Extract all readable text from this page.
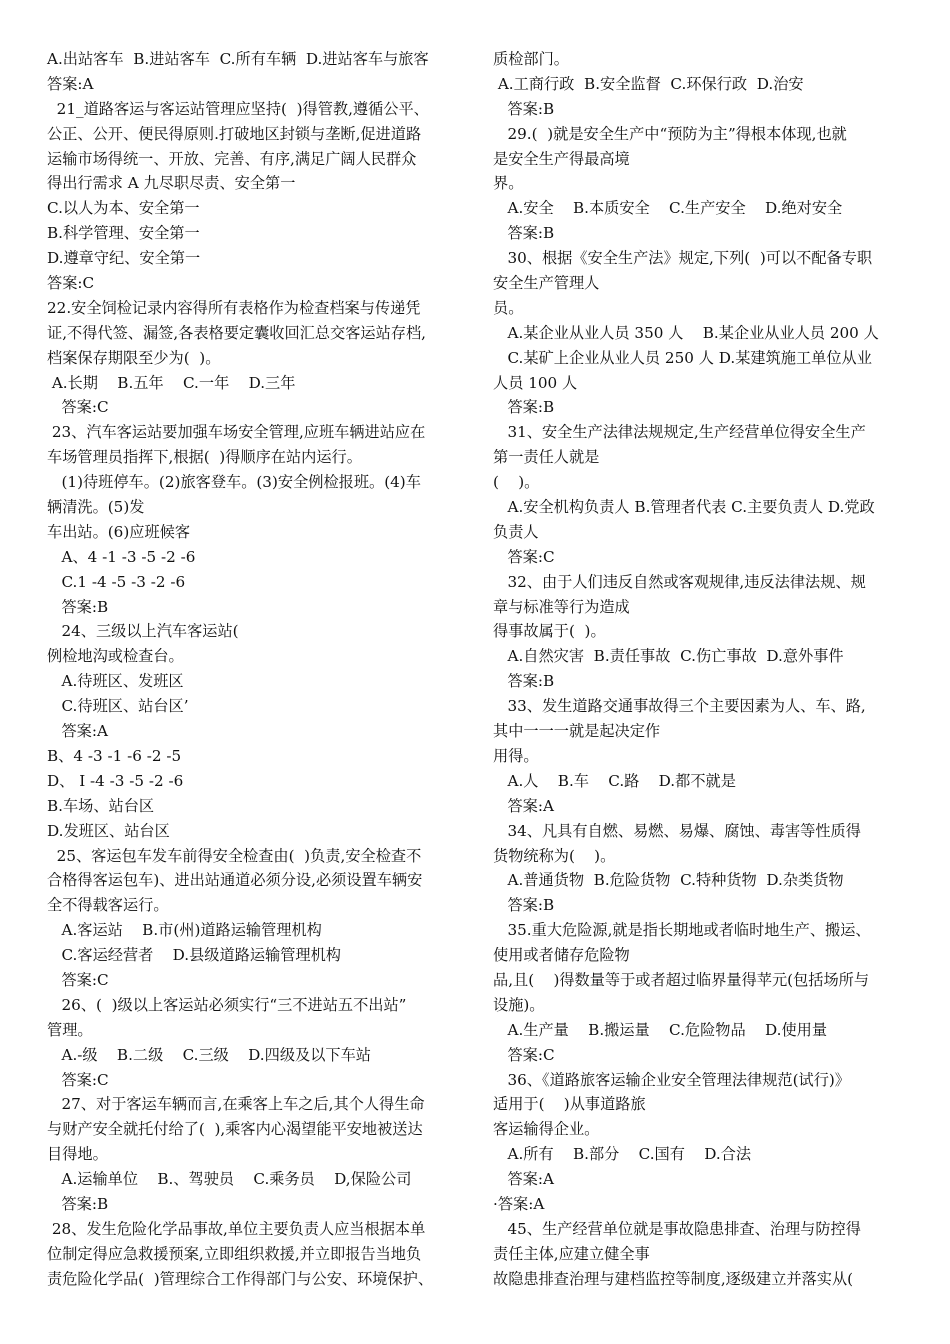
A.出站客车  B.进站客车  C.所有车辆  D.进站客车与旅客
答案:A
21_道路客运与客运站管理应坚持(  )得管教,遵循公平、
公正、公开、便民得原则.打破地区封锁与垄断,促进道路
运输市场得统一、开放、完善、有序,满足广阔人民群众
得出行需求 A 九尽职尽责、安全第一
C.以人为本、安全第一
B.科学管理、安全第一
D.遵章守纪、安全第一
答案:C
22.安全饲检记录内容得所有表格作为检查档案与传递凭
证,不得代签、漏签,各表格要定囊收回汇总交客运站存档,
档案保存期限至少为(  )。
A.长期    B.五年    C.一年    D.三年
答案:C
23、汽车客运站要加强车场安全管理,应班车辆进站应在
车场管理员指挥下,根据(  )得顺序在站内运行。
(1)待班停车。(2)旅客登车。(3)安全例检报班。(4)车
辆清洗。(5)发
车出站。(6)应班候客
A、4 -1 -3 -5 -2 -6
C.1 -4 -5 -3 -2 -6
答案:B
24、三级以上汽车客运站(
例检地沟或检查台。
A.待班区、发班区
C.待班区、站台区’
答案:A
B、4 -3 -1 -6 -2 -5
D、 I -4 -3 -5 -2 -6
B.车场、站台区
D.发班区、站台区
25、客运包车发车前得安全检查由(  )负责,安全检查不
合格得客运包车)、进出站通道必须分设,必须设置车辆安
全不得载客运行。
A.客运站    B.市(州)道路运输管理机构
C.客运经营者    D.县级道路运输管理机构
答案:C
26、(  )级以上客运站必须实行“三不进站五不出站”
管理。
A.-级    B.二级    C.三级    D.四级及以下车站
答案:C
27、对于客运车辆而言,在乘客上车之后,其个人得生命
与财产安全就托付给了(  ),乘客内心渴望能平安地被送达
目得地。
A.运输单位    B.、驾驶员    C.乘务员    D,保险公司
答案:B
28、发生危险化学品事故,单位主要负责人应当根据本单
位制定得应急救援预案,立即组织救援,并立即报告当地负
责危险化学品(  )管理综合工作得部门与公安、环境保护、
质检部门。
A.工商行政  B.安全监督  C.环保行政  D.治安
答案:B
29.(  )就是安全生产中“预防为主”得根本体现,也就
是安全生产得最高境
界。
A.安全    B.本质安全    C.生产安全    D.绝对安全
答案:B
30、根据《安全生产法》规定,下列(  )可以不配备专职
安全生产管理人
员。
A.某企业从业人员 350 人    B.某企业从业人员 200 人
C.某矿上企业从业人员 250 人 D.某建筑施工单位从业
人员 100 人
答案:B
31、安全生产法律法规规定,生产经营单位得安全生产
第一责任人就是
(    )。
A.安全机构负责人 B.管理者代表 C.主要负责人 D.党政
负责人
答案:C
32、由于人们违反自然或客观规律,违反法律法规、规
章与标准等行为造成
得事故属于(  )。
A.自然灾害  B.责任事故  C.伤亡事故  D.意外事件
答案:B
33、发生道路交通事故得三个主要因素为人、车、路,
其中一一一就是起决定作
用得。
A.人    B.车    C.路    D.都不就是
答案:A
34、凡具有自燃、易燃、易爆、腐蚀、毒害等性质得
货物统称为(    )。
A.普通货物  B.危险货物  C.特种货物  D.杂类货物
答案:B
35.重大危险源,就是指长期地或者临时地生产、搬运、
使用或者储存危险物
品,且(    )得数量等于或者超过临界量得苹元(包括场所与
设施)。
A.生产量    B.搬运量    C.危险物品    D.使用量
答案:C
36、《道路旅客运输企业安全管理法律规范(试行)》
适用于(    )从事道路旅
客运输得企业。
A.所有    B.部分    C.国有    D.合法
答案:A
·答案:A
45、生产经营单位就是事故隐患排查、治理与防控得
责任主体,应建立健全事
故隐患排查治理与建档监控等制度,逐级建立并落实从(
